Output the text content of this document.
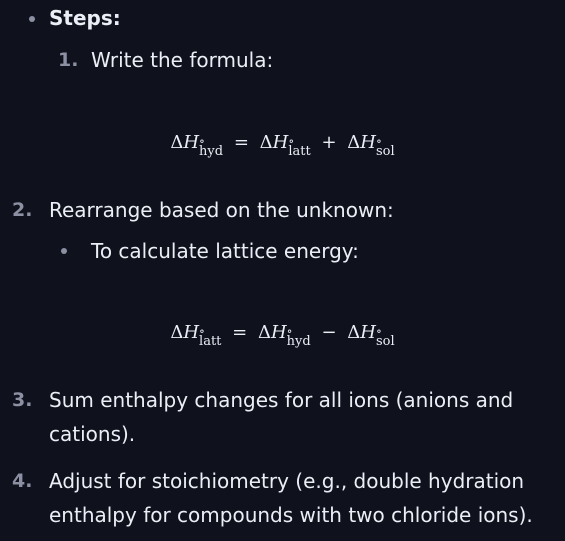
Steps:
1. Write the formula:
ΔH ∘
hyd = ΔH ∘
latt + ΔH ∘
sol
2. Rearrange based on the unknown:
To calculate lattice energy:
ΔH ∘
latt = ΔH ∘
hyd − ΔH ∘
sol
3. Sum enthalpy changes for all ions (anions and
cations).
4. Adjust for stoichiometry (e.g., double hydration
enthalpy for compounds with two chloride ions).
